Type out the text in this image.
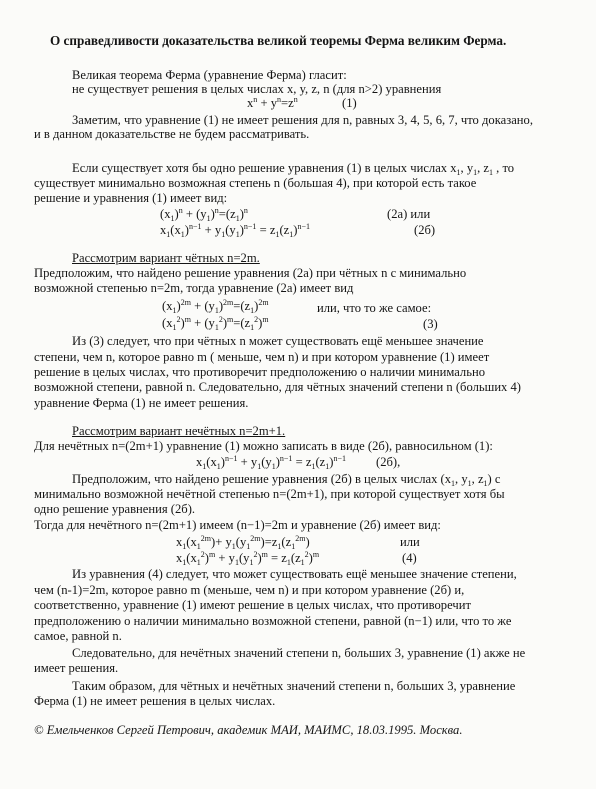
О справедливости доказательства великой теоремы Ферма великим Ферма.
Великая теорема Ферма (уравнение Ферма) гласит:
не существует решения в целых числах x, y, z, n (для n>2) уравнения
$x^n + y^n=z^n$	(1)
Заметим, что уравнение (1) не имеет решения для n, равных 3, 4, 5, 6, 7, что доказано,
и в данном доказательстве не будем рассматривать.
Если существует хотя бы одно решение уравнения (1) в целых числах $x_1$, $y_1$, $z_1$ , то
существует минимально возможная степень n (большая 4), при которой есть такое
решение и уравнения (1) имеет вид:
$(x_1)^n + (y_1)^n=(z_1)^n$	(2а) или
$x_1(x_1)^{n-1} + y_1(y_1)^{n-1} = z_1(z_1)^{n-1}$	(2б)
Рассмотрим вариант чётных n=2m.
Предположим, что найдено решение уравнения (2а) при чётных n с минимально
возможной степенью n=2m, тогда уравнение (2а) имеет вид
$(x_1)^{2m} + (y_1)^{2m}=(z_1)^{2m}$	или, что то же самое:
$(x_1^2)^m + (y_1^2)^m=(z_1^2)^m$	(3)
Из (3) следует, что при чётных n может существовать ещё меньшее значение
степени, чем n, которое равно m ( меньше, чем n) и при котором уравнение (1) имеет
решение в целых числах, что противоречит предположению о наличии минимально
возможной степени, равной n. Следовательно, для чётных значений степени n (больших 4)
уравнение Ферма (1) не имеет решения.
Рассмотрим вариант нечётных n=2m+1.
Для нечётных n=(2m+1) уравнение (1) можно записать в виде (2б), равносильном (1):
$x_1(x_1)^{n-1} + y_1(y_1)^{n-1} = z_1(z_1)^{n-1}$ (2б),
Предположим, что найдено решение уравнения (2б) в целых числах ($x_1$, $y_1$, $z_1$) с
минимально возможной нечётной степенью n=(2m+1), при которой существует хотя бы
одно решение уравнения (2б).
Тогда для нечётного n=(2m+1) имеем (n−1)=2m и уравнение (2б) имеет вид:
$x_1(x_1^{2m})+ y_1(y_1^{2m})=z_1(z_1^{2m})$	или
$x_1(x_1^2)^m + y_1(y_1^2)^m = z_1(z_1^2)^m$	(4)
Из уравнения (4) следует, что может существовать ещё меньшее значение степени,
чем (n-1)=2m, которое равно m (меньше, чем n) и при котором уравнение (2б) и,
соответственно, уравнение (1) имеют решение в целых числах, что противоречит
предположению о наличии минимально возможной степени, равной (n−1) или, что то же
самое, равной n.
Следовательно, для нечётных значений степени n, больших 3, уравнение (1) акже не
имеет решения.
Таким образом, для чётных и нечётных значений степени n, больших 3, уравнение
Ферма (1) не имеет решения в целых числах.
© Емельченков Сергей Петрович, академик МАИ, МАИМС, 18.03.1995. Москва.
